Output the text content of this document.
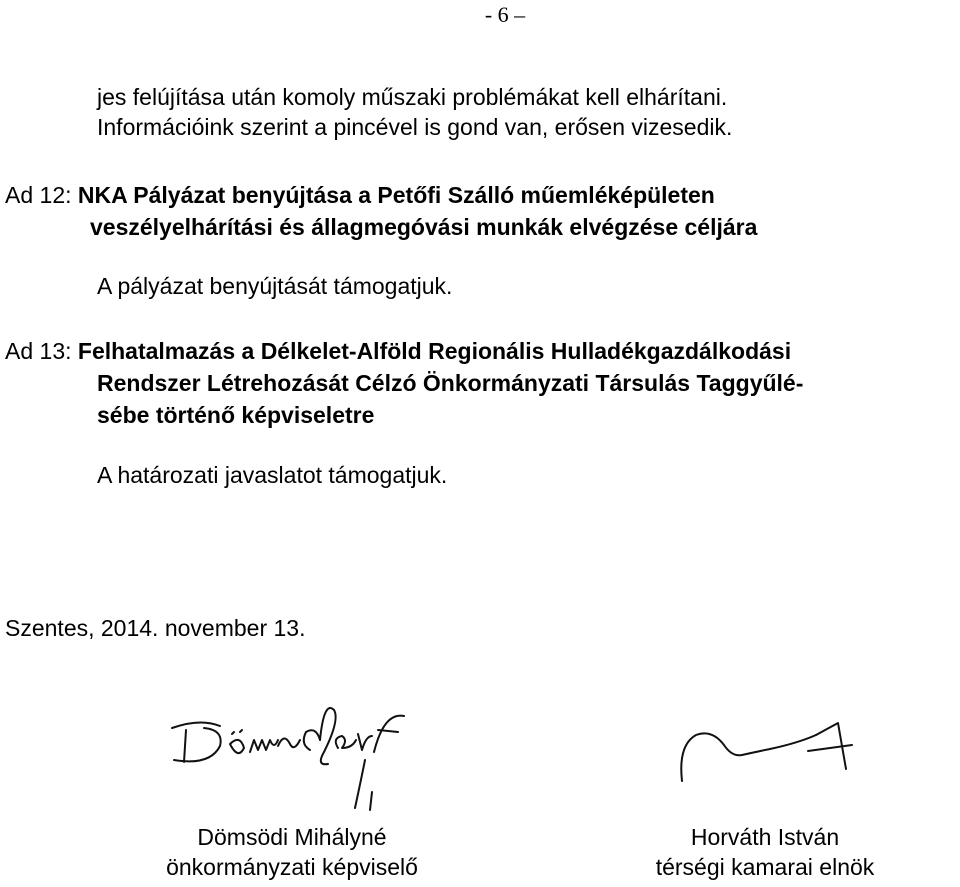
- 6 –
jes felújítása után komoly műszaki problémákat kell elhárítani.
Információink szerint a pincével is gond van, erősen vizesedik.
Ad 12: NKA Pályázat benyújtása a Petőfi Szálló műemléképületen
veszélyelhárítási és állagmegóvási munkák elvégzése céljára
A pályázat benyújtását támogatjuk.
Ad 13: Felhatalmazás a Délkelet-Alföld Regionális Hulladékgazdálkodási
Rendszer Létrehozását Célzó Önkormányzati Társulás Taggyűlé-
sébe történő képviseletre
A határozati javaslatot támogatjuk.
Szentes, 2014. november 13.
Dömsödi Mihályné
önkormányzati képviselő
Horváth István
térségi kamarai elnök
